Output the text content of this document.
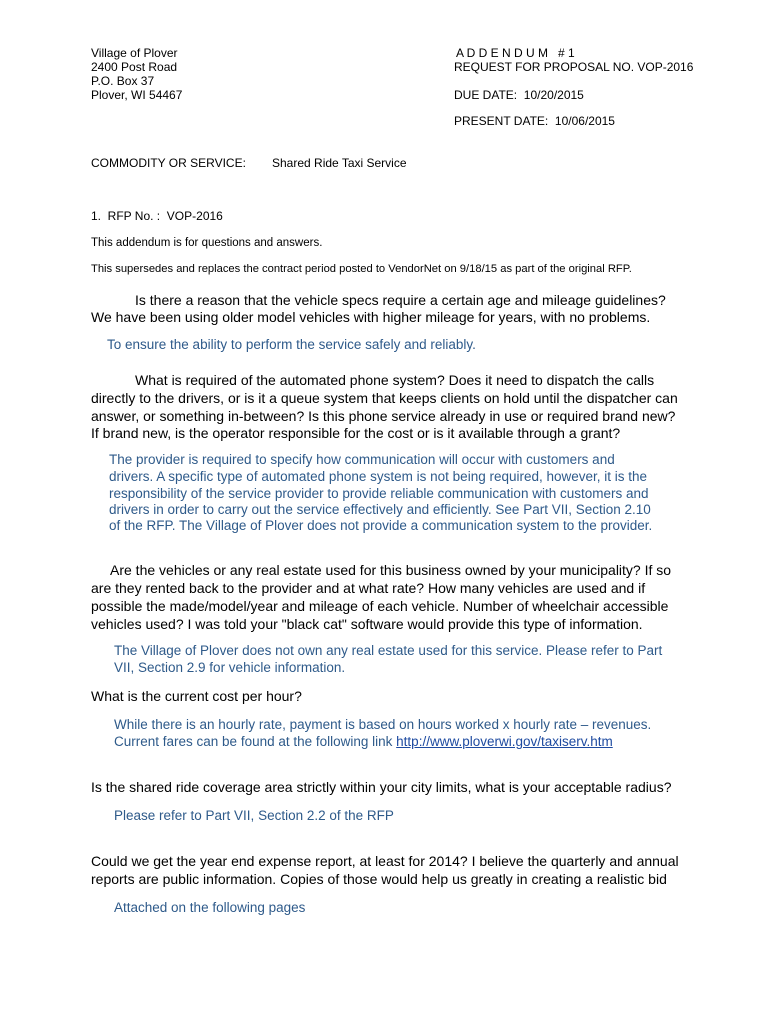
Village of Plover
2400 Post Road
P.O. Box 37
Plover, WI 54467
A D D E N D U M   # 1
REQUEST FOR PROPOSAL NO. VOP-2016
DUE DATE:  10/20/2015
PRESENT DATE:  10/06/2015
COMMODITY OR SERVICE: Shared Ride Taxi Service
1.  RFP No. :  VOP-2016
This addendum is for questions and answers.
This supersedes and replaces the contract period posted to VendorNet on 9/18/15 as part of the original RFP.
Is there a reason that the vehicle specs require a certain age and mileage guidelines?
We have been using older model vehicles with higher mileage for years, with no problems.
To ensure the ability to perform the service safely and reliably.
What is required of the automated phone system? Does it need to dispatch the calls
directly to the drivers, or is it a queue system that keeps clients on hold until the dispatcher can
answer, or something in-between? Is this phone service already in use or required brand new?
If brand new, is the operator responsible for the cost or is it available through a grant?
The provider is required to specify how communication will occur with customers and
drivers. A specific type of automated phone system is not being required, however, it is the
responsibility of the service provider to provide reliable communication with customers and
drivers in order to carry out the service effectively and efficiently. See Part VII, Section 2.10
of the RFP. The Village of Plover does not provide a communication system to the provider.
Are the vehicles or any real estate used for this business owned by your municipality? If so
are they rented back to the provider and at what rate? How many vehicles are used and if
possible the made/model/year and mileage of each vehicle. Number of wheelchair accessible
vehicles used? I was told your "black cat" software would provide this type of information.
The Village of Plover does not own any real estate used for this service. Please refer to Part
VII, Section 2.9 for vehicle information.
What is the current cost per hour?
While there is an hourly rate, payment is based on hours worked x hourly rate – revenues.
Current fares can be found at the following link http://www.ploverwi.gov/taxiserv.htm
Is the shared ride coverage area strictly within your city limits, what is your acceptable radius?
Please refer to Part VII, Section 2.2 of the RFP
Could we get the year end expense report, at least for 2014? I believe the quarterly and annual
reports are public information. Copies of those would help us greatly in creating a realistic bid
Attached on the following pages
